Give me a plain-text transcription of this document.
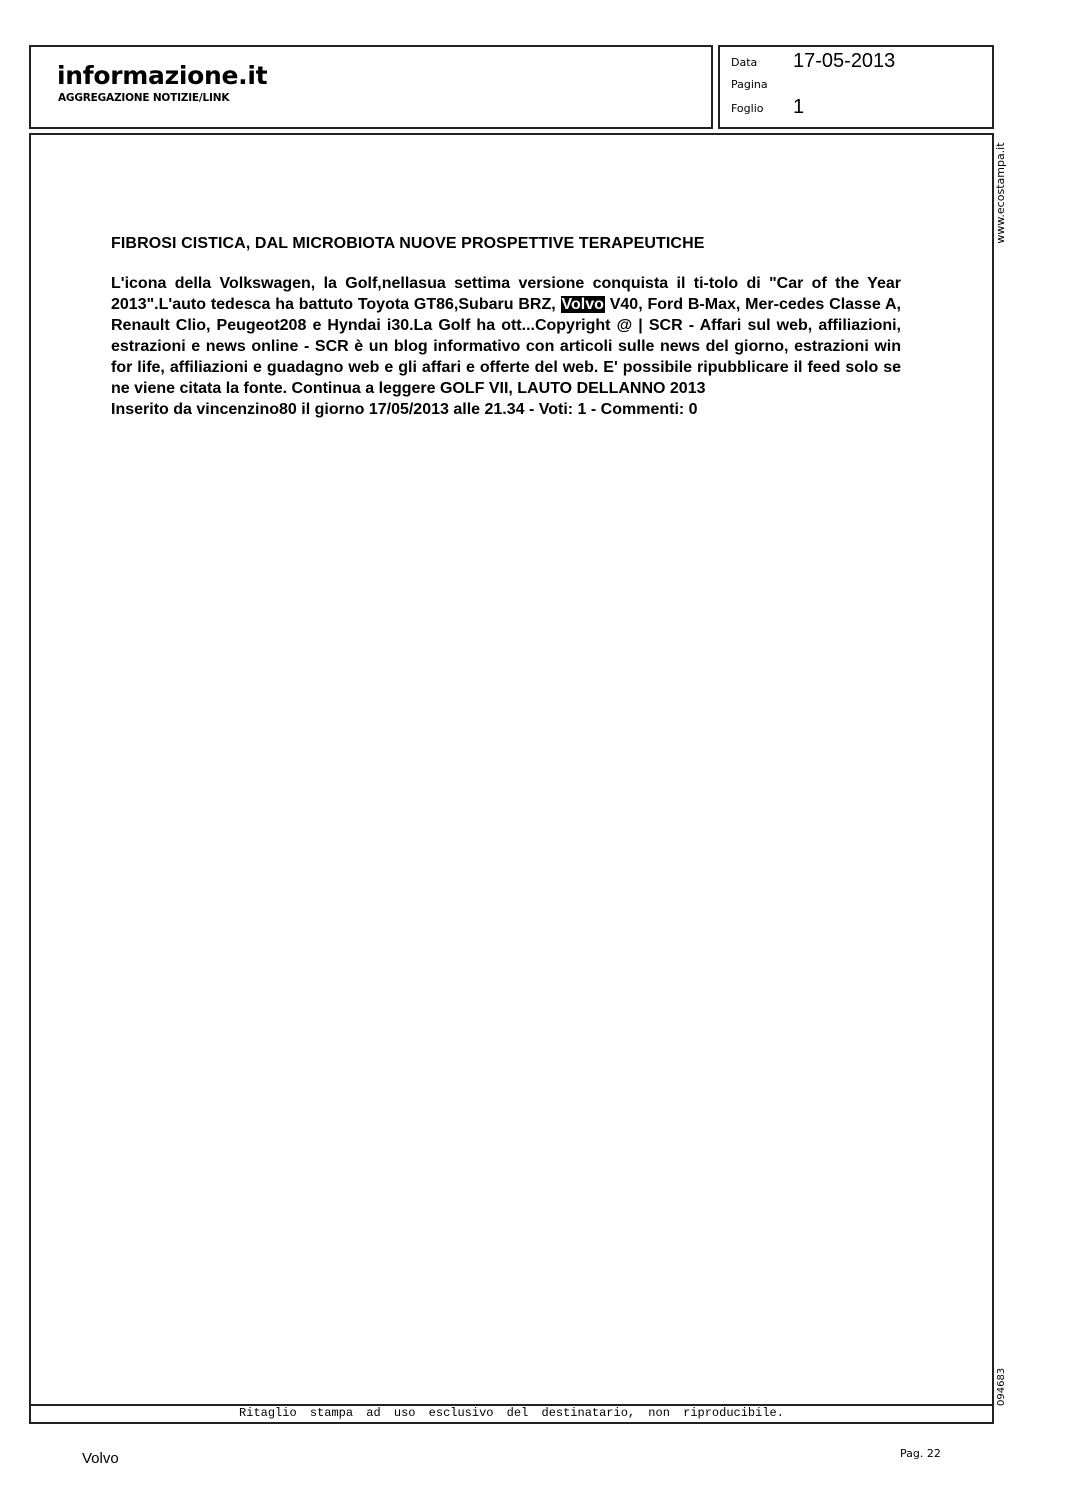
informazione.it
AGGREGAZIONE NOTIZIE/LINK
Data 17-05-2013
Pagina
Foglio 1
FIBROSI CISTICA, DAL MICROBIOTA NUOVE PROSPETTIVE TERAPEUTICHE

L'icona della Volkswagen, la Golf,nellasua settima versione conquista il ti-tolo di "Car of the Year 2013".L'auto tedesca ha battuto Toyota GT86,Subaru BRZ, Volvo V40, Ford B-Max, Mer-cedes Classe A, Renault Clio, Peugeot208 e Hyndai i30.La Golf ha ott...Copyright @ | SCR - Affari sul web, affiliazioni, estrazioni e news online - SCR è un blog informativo con articoli sulle news del giorno, estrazioni win for life, affiliazioni e guadagno web e gli affari e offerte del web. E' possibile ripubblicare il feed solo se ne viene citata la fonte. Continua a leggere GOLF VII, LAUTO DELLANNO 2013

Inserito da vincenzino80 il giorno 17/05/2013 alle 21.34 - Voti: 1 - Commenti: 0

Ritaglio stampa ad uso esclusivo del destinatario, non riproducibile.
www.ecostampa.it
094683
Volvo	Pag. 22
